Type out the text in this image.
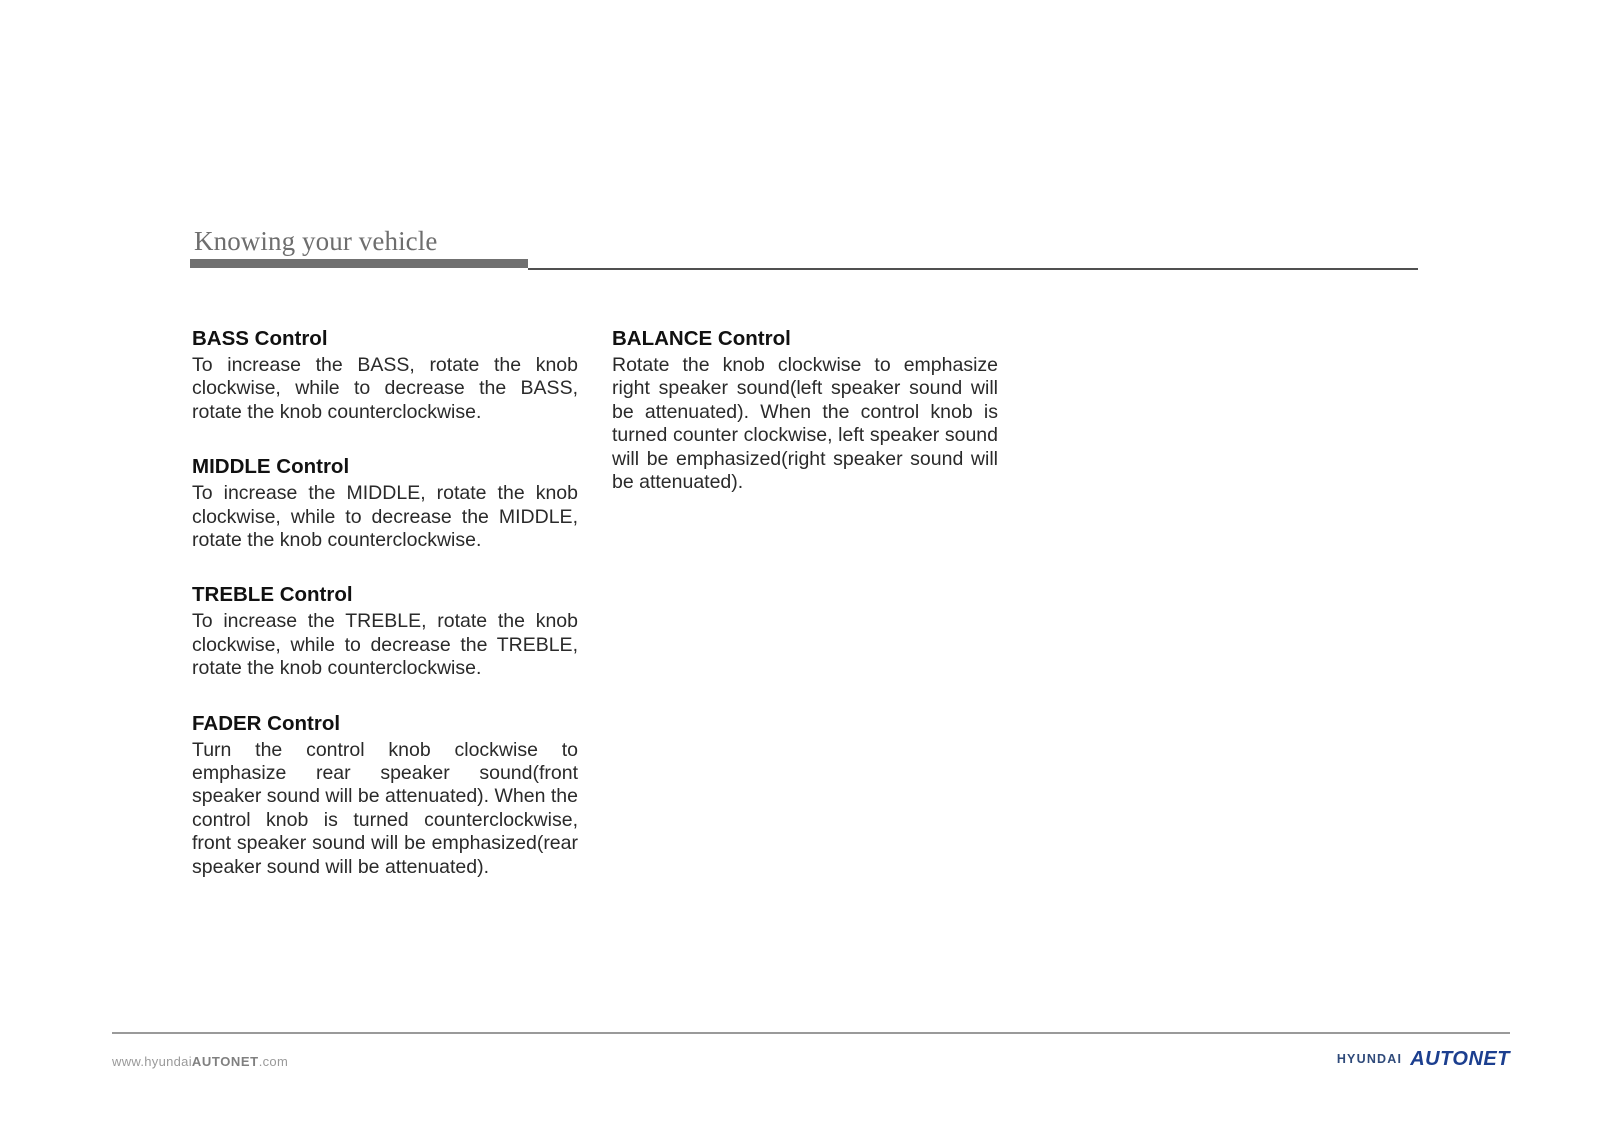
Knowing your vehicle
BASS Control

To increase the BASS, rotate the knob clockwise, while to decrease the BASS, rotate the knob counterclockwise.

MIDDLE Control

To increase the MIDDLE, rotate the knob clockwise, while to decrease the MIDDLE, rotate the knob counterclockwise.

TREBLE Control

To increase the TREBLE, rotate the knob clockwise, while to decrease the TREBLE, rotate the knob counterclockwise.

FADER Control

Turn the control knob clockwise to emphasize rear speaker sound(front speaker sound will be attenuated). When the control knob is turned counterclockwise, front speaker sound will be emphasized(rear speaker sound will be attenuated).

BALANCE Control

Rotate the knob clockwise to emphasize right speaker sound(left speaker sound will be attenuated). When the control knob is turned counter clockwise, left speaker sound will be emphasized(right speaker sound will be attenuated).

www.hyundaiAUTONET.com	HYUNDAI AUTONET
